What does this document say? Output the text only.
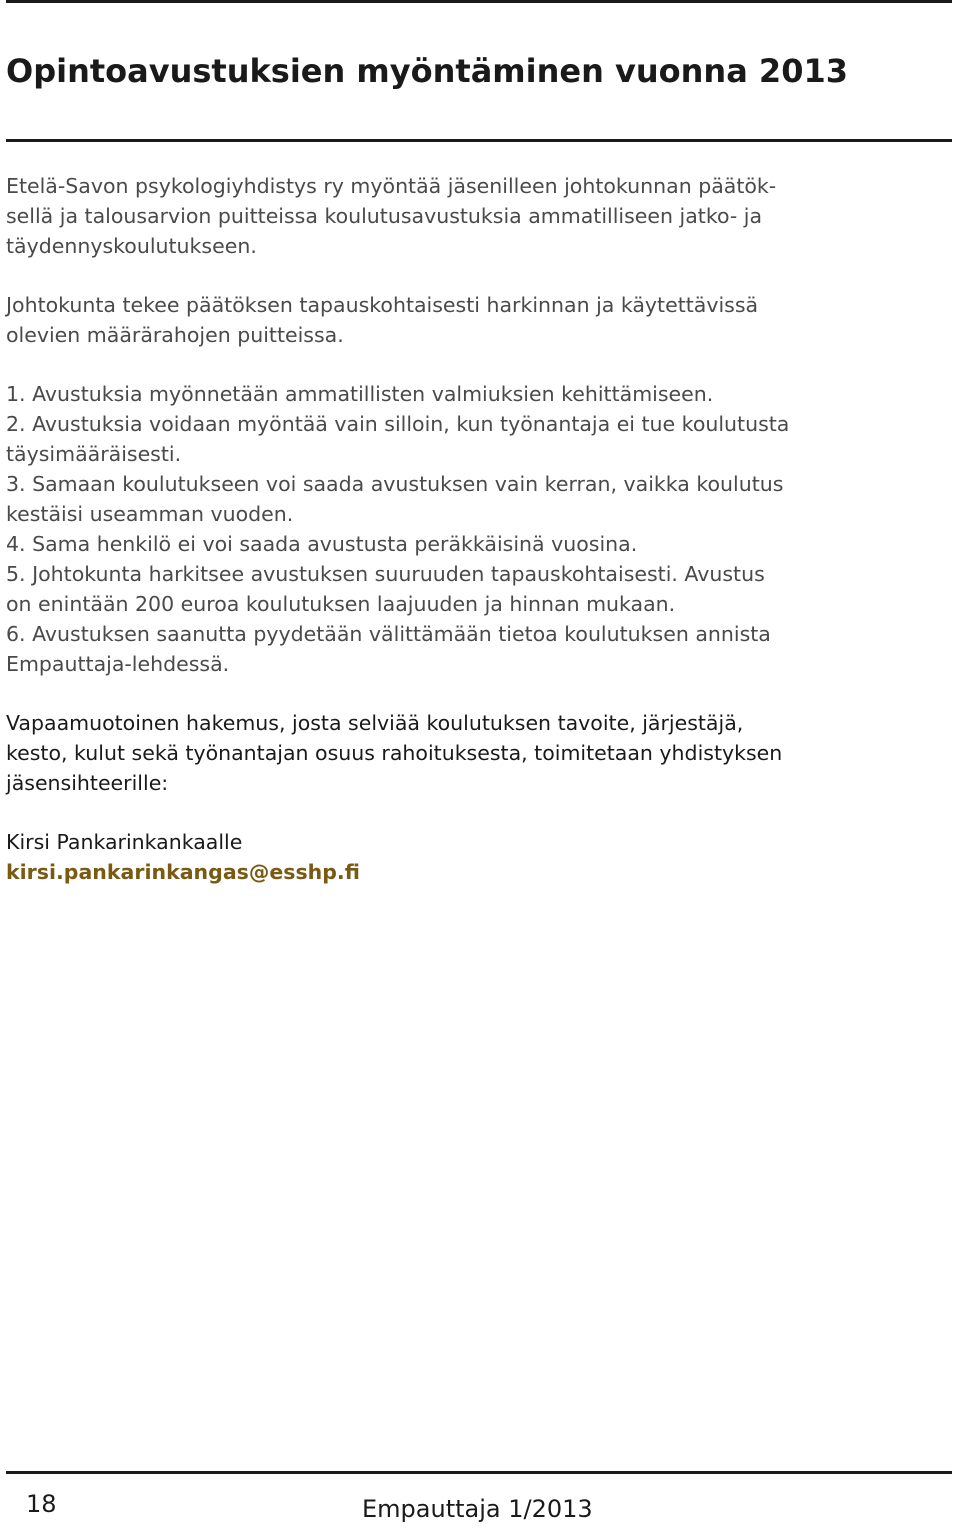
Opintoavustuksien myöntäminen vuonna 2013

Etelä-Savon psykologiyhdistys ry myöntää jäsenilleen johtokunnan päätök-
sellä ja talousarvion puitteissa koulutusavustuksia ammatilliseen jatko- ja
täydennyskoulutukseen.

Johtokunta tekee päätöksen tapauskohtaisesti harkinnan ja käytettävissä
olevien määrärahojen puitteissa.

1. Avustuksia myönnetään ammatillisten valmiuksien kehittämiseen.

2. Avustuksia voidaan myöntää vain silloin, kun työnantaja ei tue koulutusta
täysimääräisesti.

3. Samaan koulutukseen voi saada avustuksen vain kerran, vaikka koulutus
kestäisi useamman vuoden.

4. Sama henkilö ei voi saada avustusta peräkkäisinä vuosina.

5. Johtokunta harkitsee avustuksen suuruuden tapauskohtaisesti. Avustus
on enintään 200 euroa koulutuksen laajuuden ja hinnan mukaan.

6. Avustuksen saanutta pyydetään välittämään tietoa koulutuksen annista
Empauttaja-lehdessä.

Vapaamuotoinen hakemus, josta selviää koulutuksen tavoite, järjestäjä,
kesto, kulut sekä työnantajan osuus rahoituksesta, toimitetaan yhdistyksen
jäsensihteerille:

Kirsi Pankarinkankaalle
kirsi.pankarinkangas@esshp.fi

18	Empauttaja 1/2013
